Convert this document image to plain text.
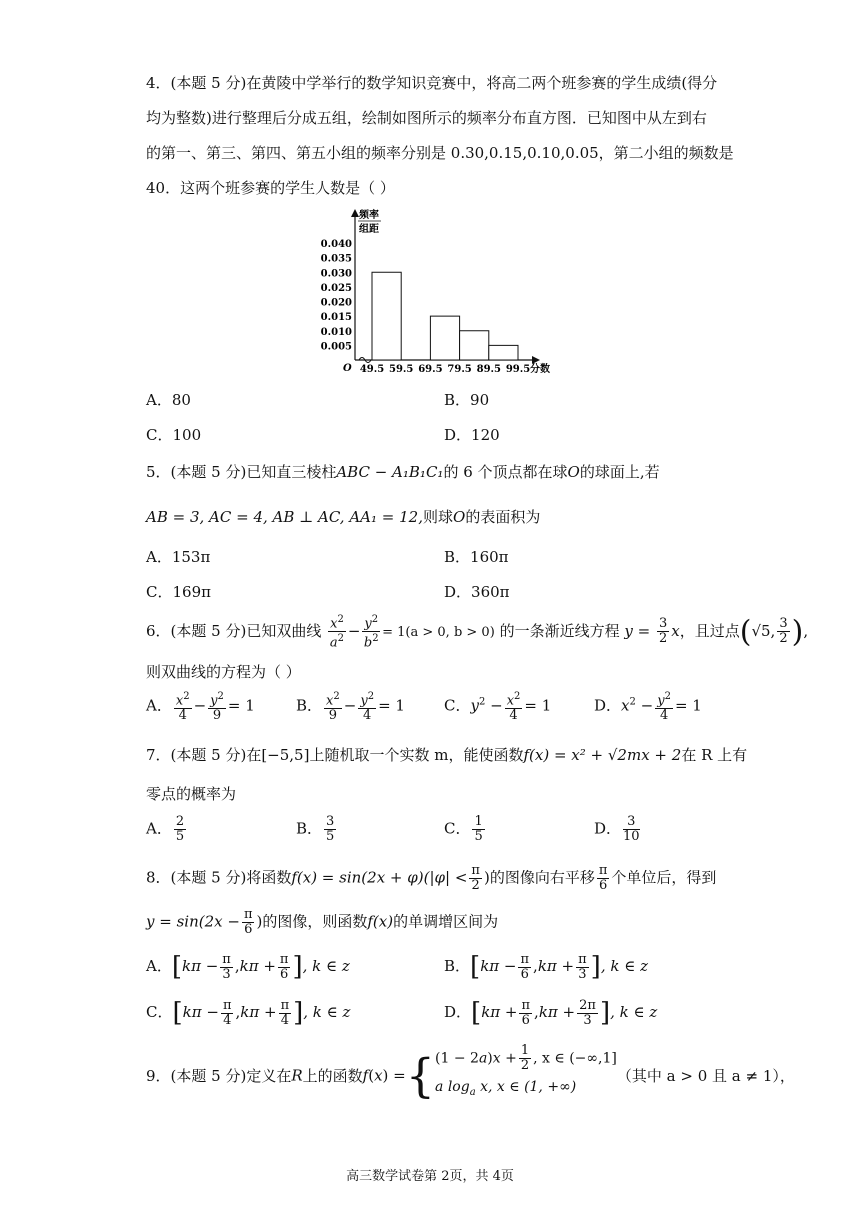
4．(本题 5 分)在黄陵中学举行的数学知识竞赛中，将高二两个班参赛的学生成绩(得分
均为整数)进行整理后分成五组，绘制如图所示的频率分布直方图．已知图中从左到右
的第一、第三、第四、第五小组的频率分别是 0.30,0.15,0.10,0.05，第二小组的频数是
40．这两个班参赛的学生人数是（ ）
频率
组距
0.040
0.035
0.030
0.025
0.020
0.015
0.010
0.005
O 49.5 59.5 69.5 79.5 89.5 99.5 分数
A．80	B．90
C．100	D．120
5．(本题 5 分)已知直三棱柱ABC − A₁B₁C₁的 6 个顶点都在球O的球面上,若
AB = 3, AC = 4, AB ⊥ AC, AA₁ = 12,则球O的表面积为
A．153π	B．160π
C．169π	D．360π
6．(本题 5 分)已知双曲线 $\frac{x^2}{a^2} - \frac{y^2}{b^2} = 1(a > 0$, b > 0) 的一条渐近线方程 $y = \frac{3}{2}$ x，且过点(√5, $\frac{3}{2}$ ),
则双曲线的方程为（ ）
A． $\frac{x^2}{4} - \frac{y^2}{9} = 1$	B． $\frac{x^2}{9} - \frac{y^2}{4} = 1$	C．$y^2 - \frac{x^2}{4} = 1$	D．$x^2 - \frac{y^2}{4} = 1$
7．(本题 5 分)在[−5,5]上随机取一个实数 m，能使函数f(x) = x² + √2mx + 2在 R 上有
零点的概率为
A． $\frac{2}{5}$	B． $\frac{3}{5}$	C． $\frac{1}{5}$	D． $\frac{3}{10}$
8．(本题 5 分)将函数$f(x) = \sin(2x + \varphi)(|\varphi| < \frac{\pi}{2}$ )的图像向右平移 $\frac{\pi}{6}$ 个单位后，得到
$y = \sin(2x - \frac{\pi}{6}$ )的图像，则函数f(x)的单调增区间为
A．[$k\pi - \frac{\pi}{3} ,k\pi + \frac{\pi}{6}$ ], k ∈ z	B．[$k\pi - \frac{\pi}{6} ,k\pi + \frac{\pi}{3}$ ], k ∈ z
C．[$k\pi - \frac{\pi}{4} ,k\pi + \frac{\pi}{4}$ ], k ∈ z	D．[$k\pi + \frac{\pi}{6} ,k\pi + \frac{2\pi}{3}$ ], k ∈ z
9．(本题 5 分)定义在R上的函数f(x) ={ $(1 - 2a)x + \frac{1}{2}$ , x ∈ (−∞,1]
a $\log_a x$, x ∈ (1, +∞)
（其中 a > 0 且 a ≠ 1），
高三数学试卷第 2页，共 4页
